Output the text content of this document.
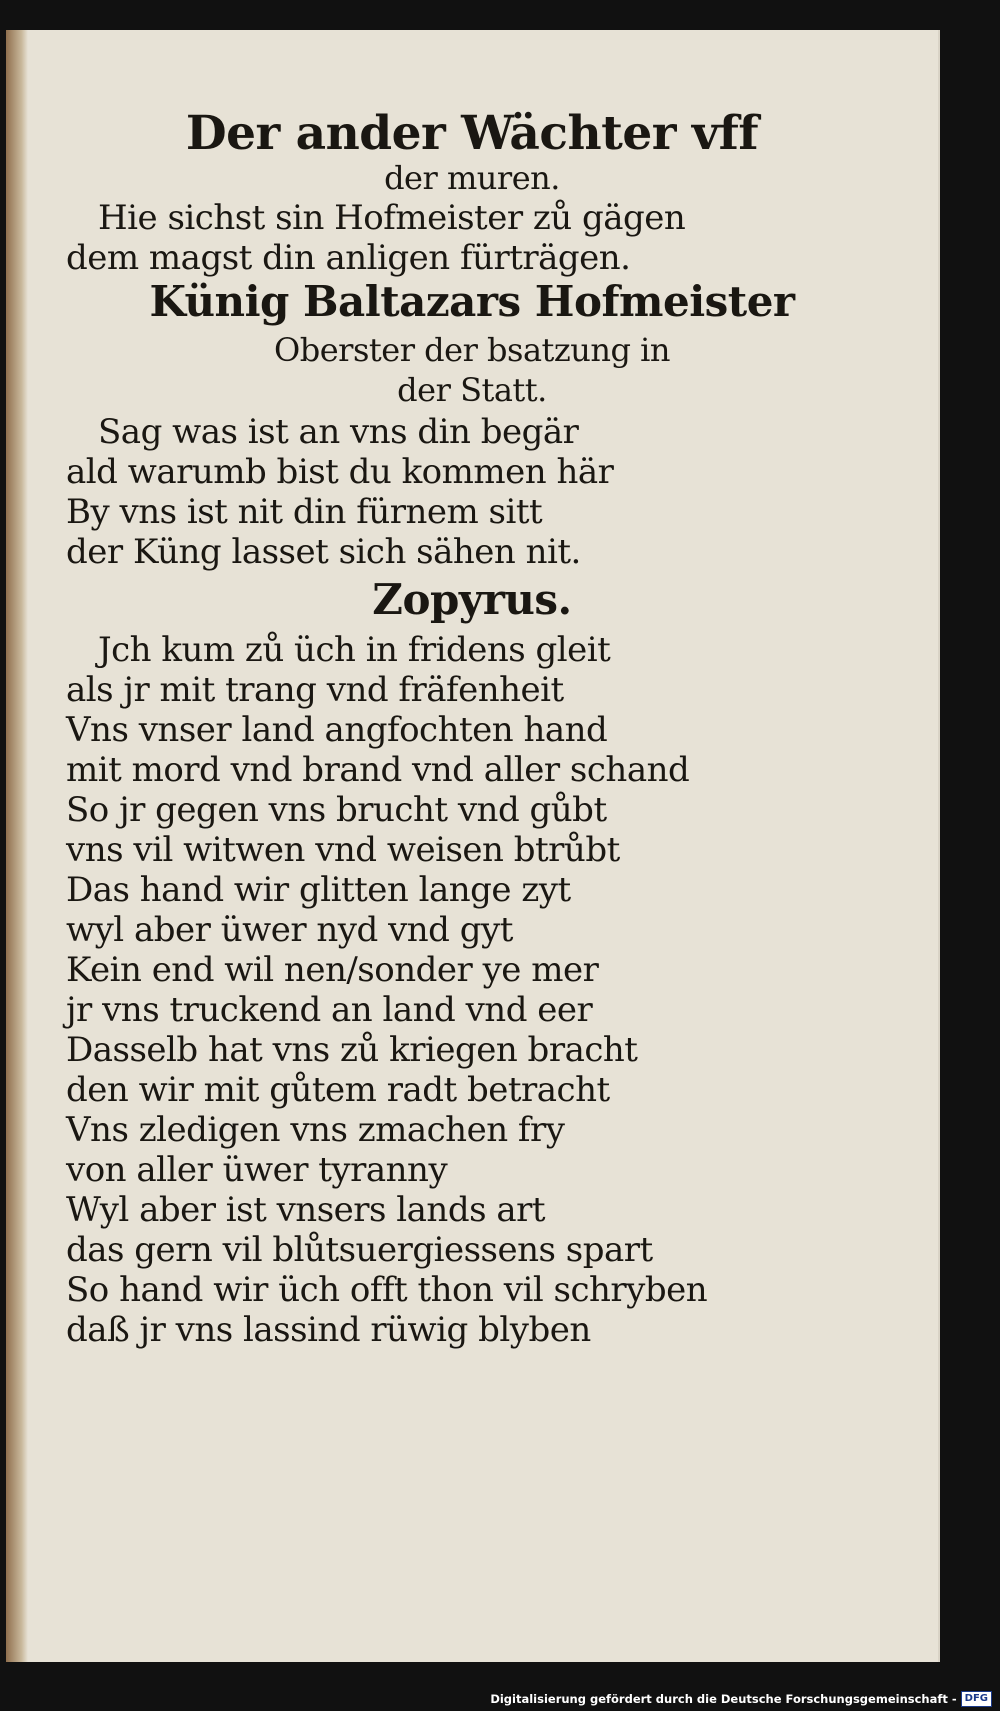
Der ander Wächter vff
der muren.
Hie sichst sin Hofmeister zů gägen
dem magst din anligen fürträgen.
Künig Baltazars Hofmeister
Oberster der bsatzung in
der Statt.
Sag was ist an vns din begär
ald warumb bist du kommen här
By vns ist nit din fürnem sitt
der Küng lasset sich sähen nit.
Zopyrus.
Jch kum zů üch in fridens gleit
als jr mit trang vnd fräfenheit
Vns vnser land angfochten hand
mit mord vnd brand vnd aller schand
So jr gegen vns brucht vnd gůbt
vns vil witwen vnd weisen btrůbt
Das hand wir glitten lange zyt
wyl aber üwer nyd vnd gyt
Kein end wil nen/sonder ye mer
jr vns truckend an land vnd eer
Dasselb hat vns zů kriegen bracht
den wir mit gůtem radt betracht
Vns zledigen vns zmachen fry
von aller üwer tyranny
Wyl aber ist vnsers lands art
das gern vil blůtsuergiessens spart
So hand wir üch offt thon vil schryben
daß jr vns lassind rüwig blyben
Digitalisierung gefördert durch die Deutsche Forschungsgemeinschaft - DFG
